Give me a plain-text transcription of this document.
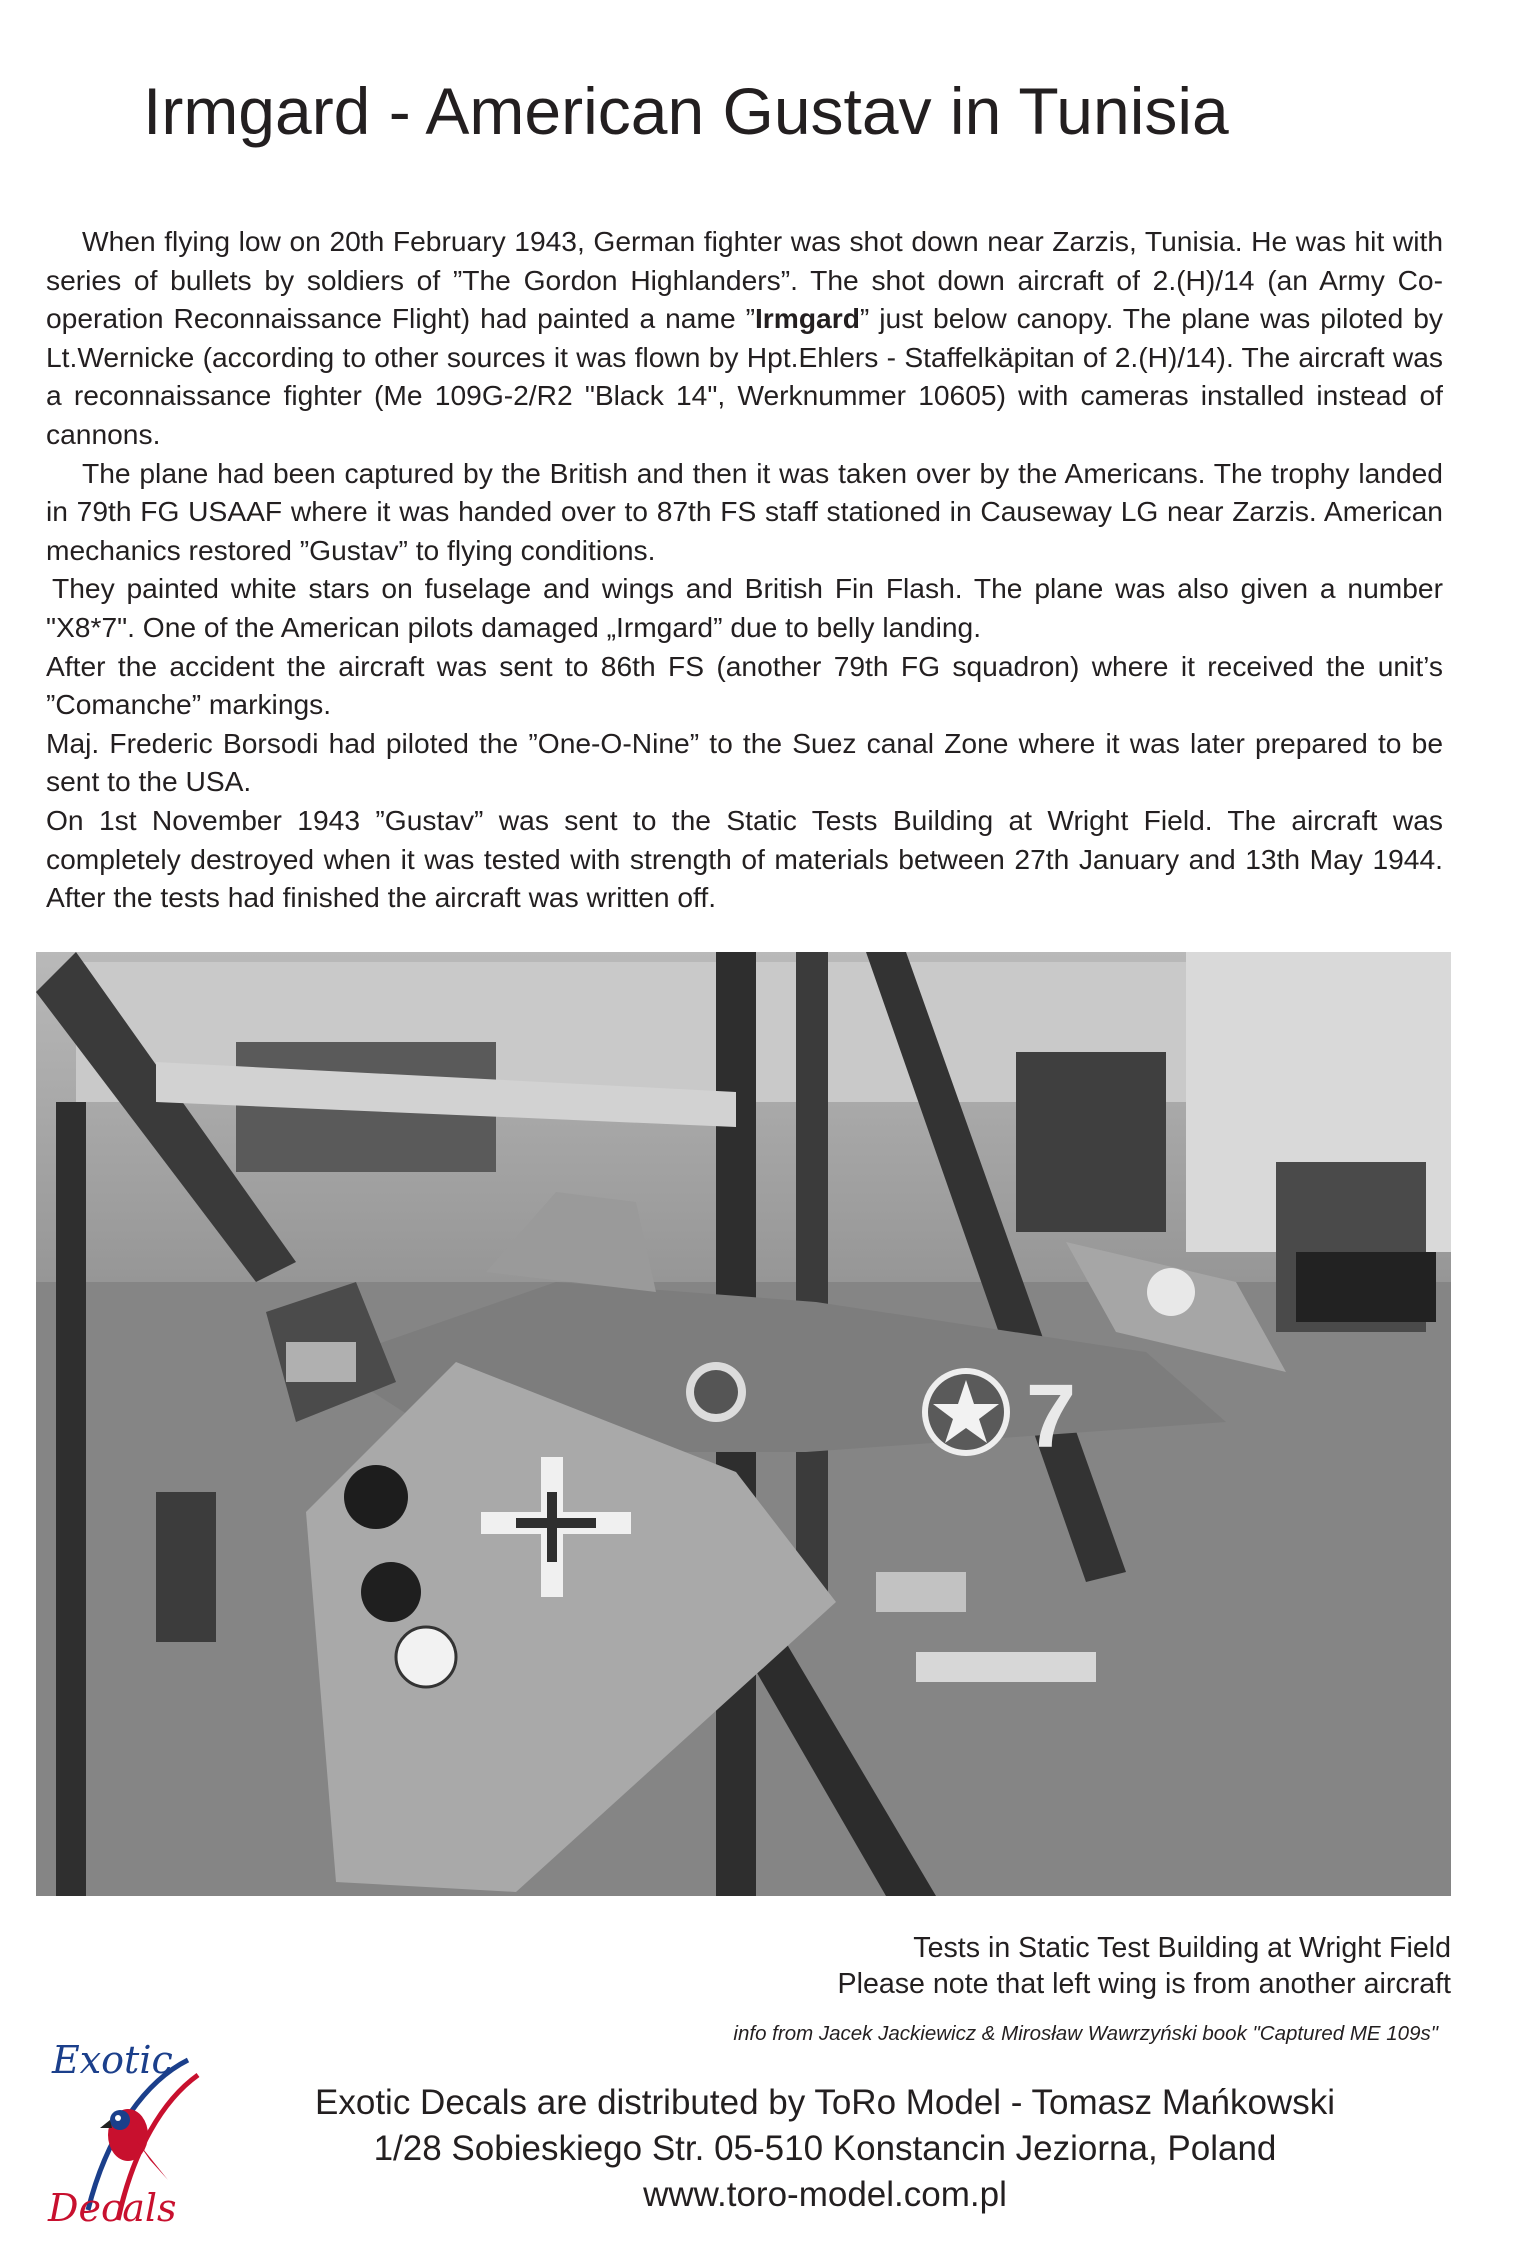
Irmgard - American Gustav in Tunisia

When flying low on 20th February 1943, German fighter was shot down near Zarzis, Tunisia. He was hit with series of bullets by soldiers of ”The Gordon Highlanders”. The shot down aircraft of 2.(H)/14 (an Army Co-operation Reconnaissance Flight) had painted a name ”Irmgard” just below canopy. The plane was piloted by Lt.Wernicke (according to other sources it was flown by Hpt.Ehlers - Staffelkäpitan of 2.(H)/14). The aircraft was a reconnaissance fighter (Me 109G-2/R2 "Black 14", Werknummer 10605) with cameras installed instead of cannons.

The plane had been captured by the British and then it was taken over by the Americans. The trophy landed in 79th FG USAAF where it was handed over to 87th FS staff stationed in Causeway LG near Zarzis. American mechanics restored ”Gustav” to flying conditions.

They painted white stars on fuselage and wings and British Fin Flash. The plane was also given a number "X8*7". One of the American pilots damaged „Irmgard” due to belly landing.

After the accident the aircraft was sent to 86th FS (another 79th FG squadron) where it received the unit’s ”Comanche” markings.

Maj. Frederic Borsodi had piloted the ”One-O-Nine” to the Suez canal Zone where it was later prepared to be sent to the USA.

On 1st November 1943 ”Gustav” was sent to the Static Tests Building at Wright Field. The aircraft was completely destroyed when it was tested with strength of materials between 27th January and 13th May 1944. After the tests had finished the aircraft was written off.

7
Tests in Static Test Building at Wright Field
Please note that left wing is from another aircraft
info from Jacek Jackiewicz & Mirosław Wawrzyński book "Captured ME 109s"
Exotic
Decals
Exotic Decals are distributed by ToRo Model - Tomasz Mańkowski
1/28 Sobieskiego Str. 05-510 Konstancin Jeziorna, Poland
www.toro-model.com.pl
